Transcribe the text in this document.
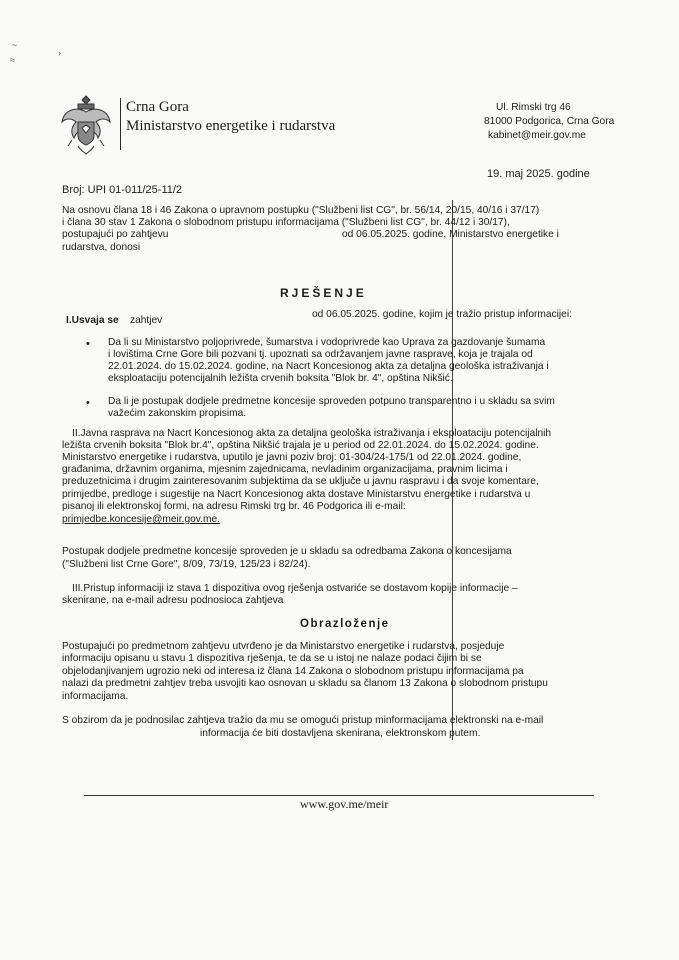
~
≈
›
Crna Gora
Ministarstvo energetike i rudarstva
Ul. Rimski trg 46
81000 Podgorica, Crna Gora
kabinet@meir.gov.me
19. maj 2025. godine
Broj: UPI 01-011/25-11/2
Na osnovu člana 18 i 46 Zakona o upravnom postupku ("Službeni list CG", br. 56/14, 20/15, 40/16 i 37/17)
i člana 30 stav 1 Zakona o slobodnom pristupu informacijama ("Službeni list CG", br. 44/12 i 30/17),
postupajući po zahtjevu	od 06.05.2025. godine, Ministarstvo energetike i
rudarstva, donosi
RJEŠENJE
I.Usvaja se zahtjev
od 06.05.2025. godine, kojim je tražio pristup informacijei:
• Da li su Ministarstvo poljoprivrede, šumarstva i vodoprivrede kao Uprava za gazdovanje šumama
i lovištima Crne Gore bili pozvani tj. upoznati sa održavanjem javne rasprave, koja je trajala od
22.01.2024. do 15.02.2024. godine, na Nacrt Koncesionog akta za detaljna geološka istraživanja i
eksploataciju potencijalnih ležišta crvenih boksita "Blok br. 4", opština Nikšić.
• Da li je postupak dodjele predmetne koncesije sproveden potpuno transparentno i u skladu sa svim
važećim zakonskim propisima.
II.Javna rasprava na Nacrt Koncesionog akta za detaljna geološka istraživanja i eksploataciju potencijalnih
ležišta crvenih boksita "Blok br.4", opština Nikšić trajala je u period od 22.01.2024. do 15.02.2024. godine.
Ministarstvo energetike i rudarstva, uputilo je javni poziv broj: 01-304/24-175/1 od 22.01.2024. godine,
građanima, državnim organima, mjesnim zajednicama, nevladinim organizacijama, pravnim licima i
preduzetnicima i drugim zainteresovanim subjektima da se uključe u javnu raspravu i da svoje komentare,
primjedbe, predloge i sugestije na Nacrt Koncesionog akta dostave Ministarstvu energetike i rudarstva u
pisanoj ili elektronskoj formi, na adresu Rimski trg br. 46 Podgorica ili e-mail:
primjedbe.koncesije@meir.gov.me.
Postupak dodjele predmetne koncesije sproveden je u skladu sa odredbama Zakona o koncesijama
("Službeni list Crne Gore", 8/09, 73/19, 125/23 i 82/24).
III.Pristup informaciji iz stava 1 dispozitiva ovog rješenja ostvariće se dostavom kopije informacije –
skenirane, na e-mail adresu podnosioca zahtjeva
Obrazloženje
Postupajući po predmetnom zahtjevu utvrđeno je da Ministarstvo energetike i rudarstva, posjeduje
informaciju opisanu u stavu 1 dispozitiva rješenja, te da se u istoj ne nalaze podaci čijim bi se
objelodanjivanjem ugrozio neki od interesa iz člana 14 Zakona o slobodnom pristupu informacijama pa
nalazi da predmetni zahtjev treba usvojiti kao osnovan u skladu sa članom 13 Zakona o slobodnom pristupu
informacijama.
S obzirom da je podnosilac zahtjeva tražio da mu se omogući pristup minformacijama elektronski na e-mail
informacija će biti dostavljena skenirana, elektronskom putem.
www.gov.me/meir
